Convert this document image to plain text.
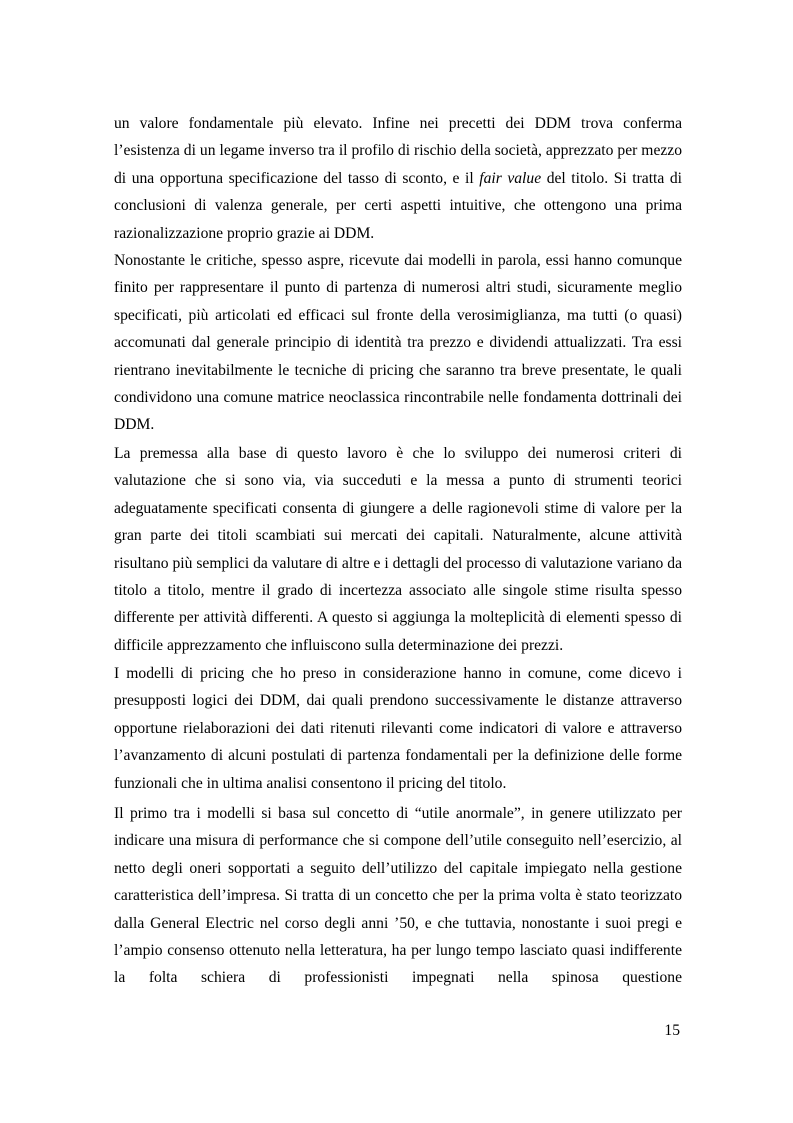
un valore fondamentale più elevato. Infine nei precetti dei DDM trova conferma l’esistenza di un legame inverso tra il profilo di rischio della società, apprezzato per mezzo di una opportuna specificazione del tasso di sconto, e il fair value del titolo. Si tratta di conclusioni di valenza generale, per certi aspetti intuitive, che ottengono una prima razionalizzazione proprio grazie ai DDM.

Nonostante le critiche, spesso aspre, ricevute dai modelli in parola, essi hanno comunque finito per rappresentare il punto di partenza di numerosi altri studi, sicuramente meglio specificati, più articolati ed efficaci sul fronte della verosimiglianza, ma tutti (o quasi) accomunati dal generale principio di identità tra prezzo e dividendi attualizzati. Tra essi rientrano inevitabilmente le tecniche di pricing che saranno tra breve presentate, le quali condividono una comune matrice neoclassica rincontrabile nelle fondamenta dottrinali dei DDM.

La premessa alla base di questo lavoro è che lo sviluppo dei numerosi criteri di valutazione che si sono via, via succeduti e la messa a punto di strumenti teorici adeguatamente specificati consenta di giungere a delle ragionevoli stime di valore per la gran parte dei titoli scambiati sui mercati dei capitali. Naturalmente, alcune attività risultano più semplici da valutare di altre e i dettagli del processo di valutazione variano da titolo a titolo, mentre il grado di incertezza associato alle singole stime risulta spesso differente per attività differenti. A questo si aggiunga la molteplicità di elementi spesso di difficile apprezzamento che influiscono sulla determinazione dei prezzi.

I modelli di pricing che ho preso in considerazione hanno in comune, come dicevo i presupposti logici dei DDM, dai quali prendono successivamente le distanze attraverso opportune rielaborazioni dei dati ritenuti rilevanti come indicatori di valore e attraverso l’avanzamento di alcuni postulati di partenza fondamentali per la definizione delle forme funzionali che in ultima analisi consentono il pricing del titolo.

Il primo tra i modelli si basa sul concetto di “utile anormale”, in genere utilizzato per indicare una misura di performance che si compone dell’utile conseguito nell’esercizio, al netto degli oneri sopportati a seguito dell’utilizzo del capitale impiegato nella gestione caratteristica dell’impresa. Si tratta di un concetto che per la prima volta è stato teorizzato dalla General Electric nel corso degli anni ’50, e che tuttavia, nonostante i suoi pregi e l’ampio consenso ottenuto nella letteratura, ha per lungo tempo lasciato quasi indifferente la folta schiera di professionisti impegnati nella spinosa questione

15
